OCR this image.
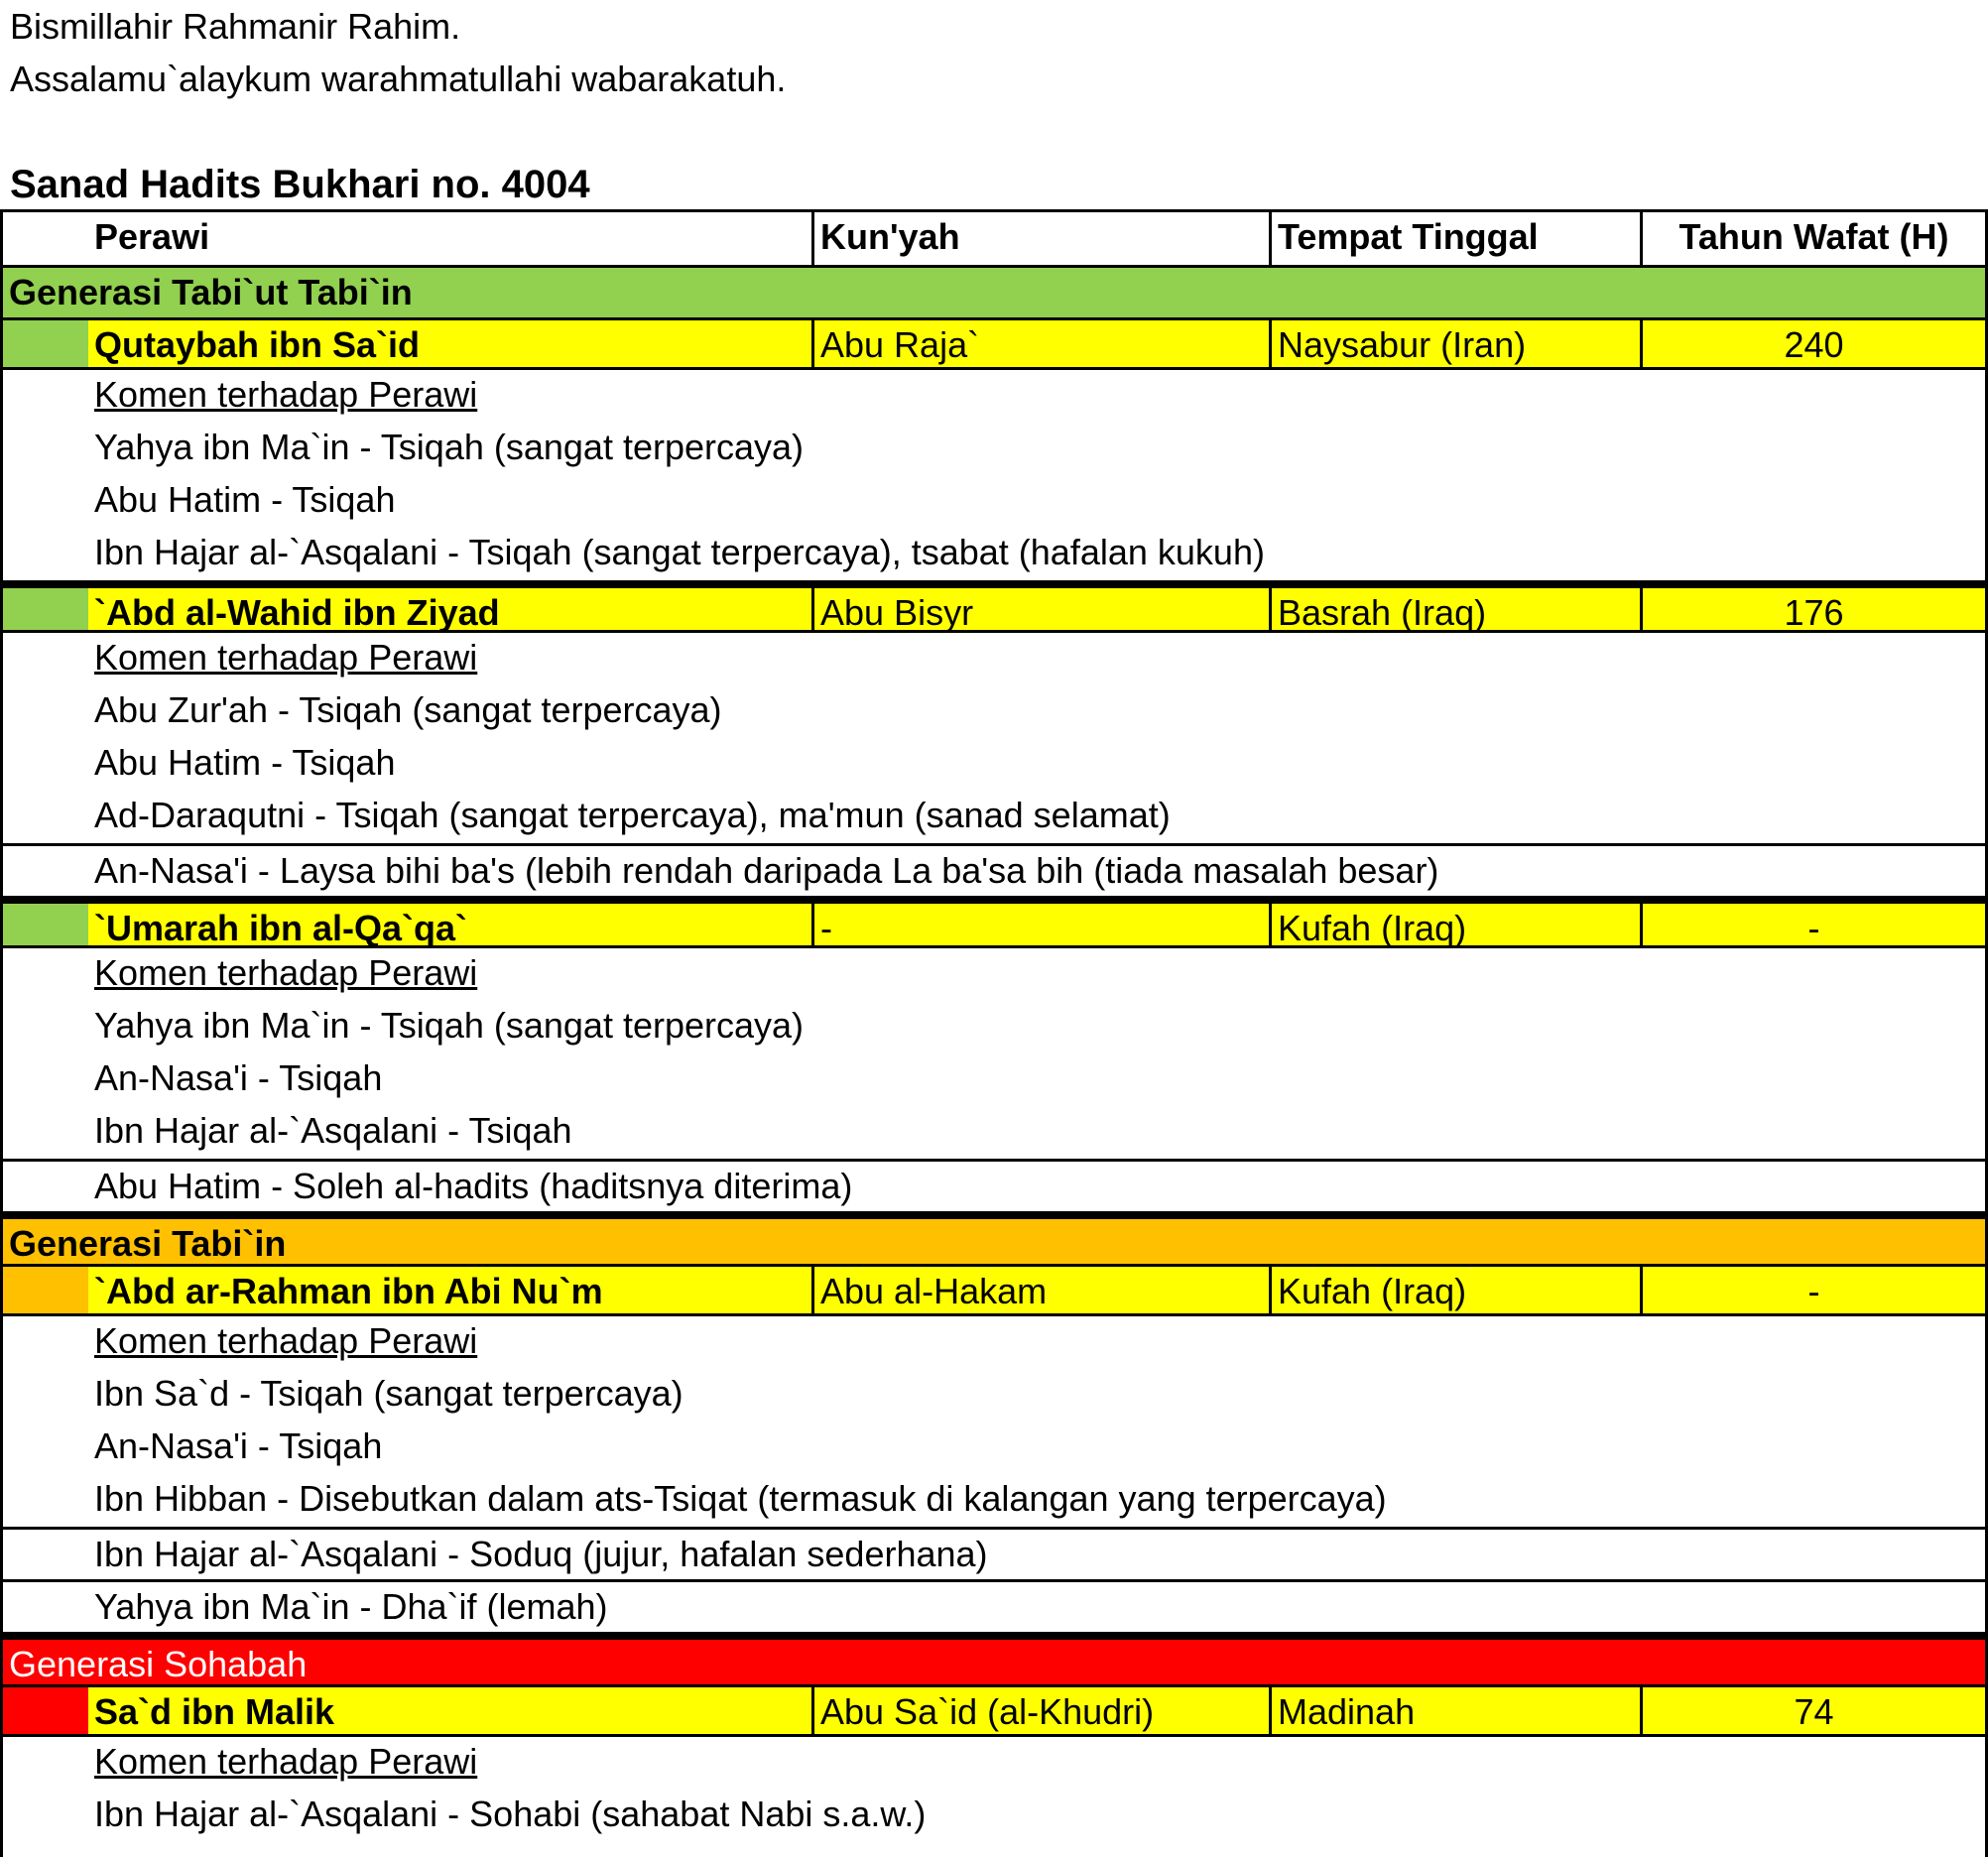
Bismillahir Rahmanir Rahim.
Assalamu`alaykum warahmatullahi wabarakatuh.
Sanad Hadits Bukhari no. 4004
Perawi	Kun'yah	Tempat Tinggal	Tahun Wafat (H)
Generasi Tabi`ut Tabi`in
Qutaybah ibn Sa`id	Abu Raja`	Naysabur (Iran)	240
Komen terhadap Perawi
Yahya ibn Ma`in - Tsiqah (sangat terpercaya)
Abu Hatim - Tsiqah
Ibn Hajar al-`Asqalani - Tsiqah (sangat terpercaya), tsabat (hafalan kukuh)
`Abd al-Wahid ibn Ziyad	Abu Bisyr	Basrah (Iraq)	176
Komen terhadap Perawi
Abu Zur'ah - Tsiqah (sangat terpercaya)
Abu Hatim - Tsiqah
Ad-Daraqutni - Tsiqah (sangat terpercaya), ma'mun (sanad selamat)
An-Nasa'i - Laysa bihi ba's (lebih rendah daripada La ba'sa bih (tiada masalah besar)
`Umarah ibn al-Qa`qa`	-	Kufah (Iraq)	-
Komen terhadap Perawi
Yahya ibn Ma`in - Tsiqah (sangat terpercaya)
An-Nasa'i - Tsiqah
Ibn Hajar al-`Asqalani - Tsiqah
Abu Hatim - Soleh al-hadits (haditsnya diterima)
Generasi Tabi`in
`Abd ar-Rahman ibn Abi Nu`m	Abu al-Hakam	Kufah (Iraq)	-
Komen terhadap Perawi
Ibn Sa`d - Tsiqah (sangat terpercaya)
An-Nasa'i - Tsiqah
Ibn Hibban - Disebutkan dalam ats-Tsiqat (termasuk di kalangan yang terpercaya)
Ibn Hajar al-`Asqalani - Soduq (jujur, hafalan sederhana)
Yahya ibn Ma`in - Dha`if (lemah)
Generasi Sohabah
Sa`d ibn Malik	Abu Sa`id (al-Khudri)	Madinah	74
Komen terhadap Perawi
Ibn Hajar al-`Asqalani - Sohabi (sahabat Nabi s.a.w.)
